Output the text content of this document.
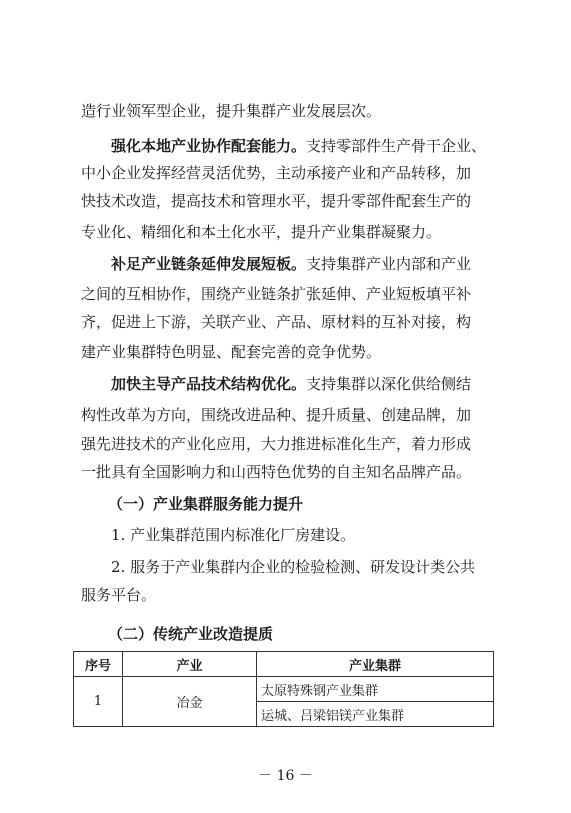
造行业领军型企业，提升集群产业发展层次。
强化本地产业协作配套能力。支持零部件生产骨干企业、
中小企业发挥经营灵活优势，主动承接产业和产品转移，加
快技术改造，提高技术和管理水平，提升零部件配套生产的
专业化、精细化和本土化水平，提升产业集群凝聚力。
补足产业链条延伸发展短板。支持集群产业内部和产业
之间的互相协作，围绕产业链条扩张延伸、产业短板填平补
齐，促进上下游，关联产业、产品、原材料的互补对接，构
建产业集群特色明显、配套完善的竞争优势。
加快主导产品技术结构优化。支持集群以深化供给侧结
构性改革为方向，围绕改进品种、提升质量、创建品牌，加
强先进技术的产业化应用，大力推进标准化生产，着力形成
一批具有全国影响力和山西特色优势的自主知名品牌产品。
（一）产业集群服务能力提升
1. 产业集群范围内标准化厂房建设。
2. 服务于产业集群内企业的检验检测、研发设计类公共
服务平台。
（二）传统产业改造提质
序号	产业	产业集群
1	冶金	太原特殊钢产业集群
		运城、吕梁铝镁产业集群
－ 16 －
